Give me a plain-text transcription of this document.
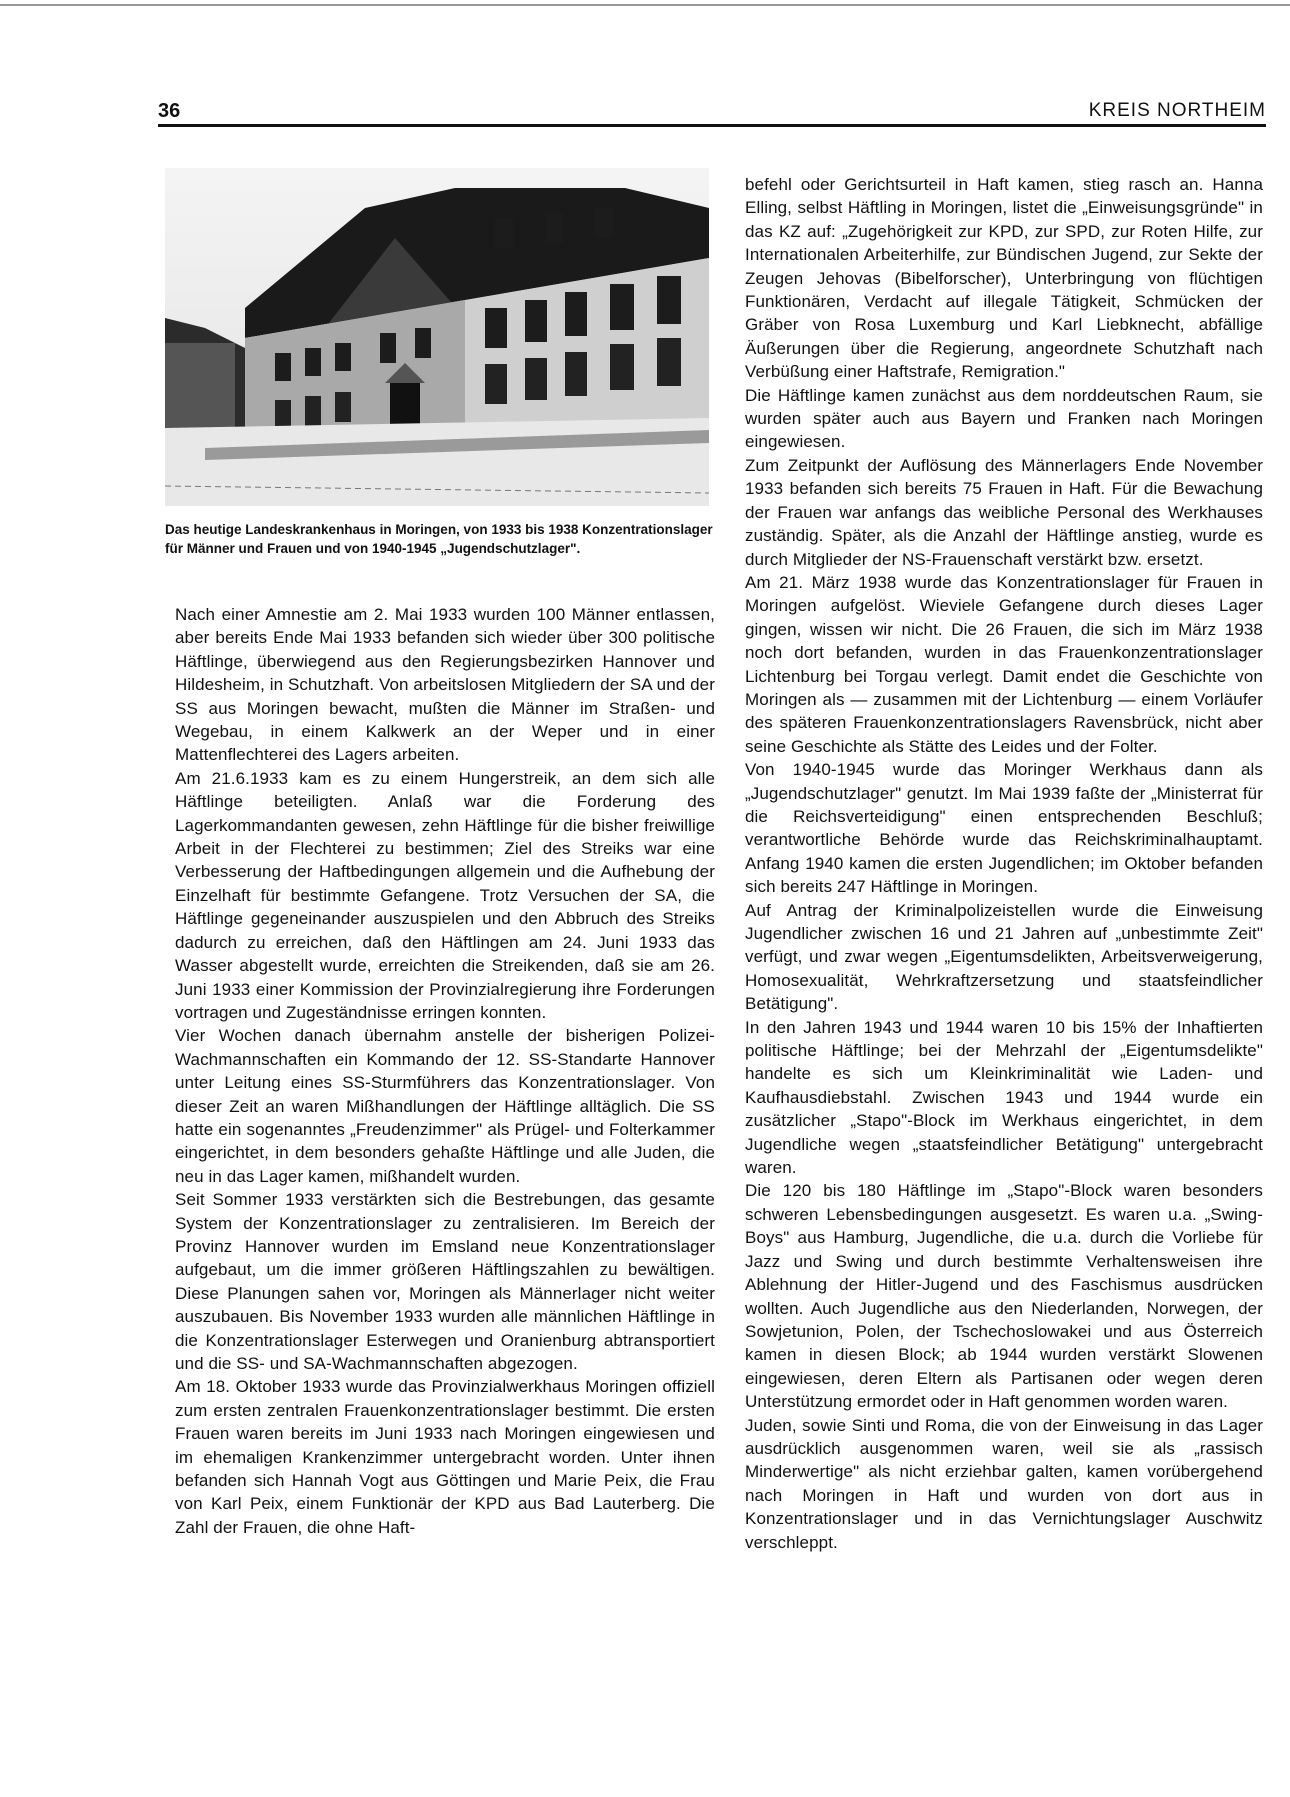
36	KREIS NORTHEIM

Das heutige Landeskrankenhaus in Moringen, von 1933 bis 1938 Konzentrationslager für Männer und Frauen und von 1940-1945 „Jugendschutzlager".

Nach einer Amnestie am 2. Mai 1933 wurden 100 Männer entlassen, aber bereits Ende Mai 1933 befanden sich wieder über 300 politische Häftlinge, überwiegend aus den Regierungsbezirken Hannover und Hildesheim, in Schutzhaft. Von arbeitslosen Mitgliedern der SA und der SS aus Moringen bewacht, mußten die Männer im Straßen- und Wegebau, in einem Kalkwerk an der Weper und in einer Mattenflechterei des Lagers arbeiten.

Am 21.6.1933 kam es zu einem Hungerstreik, an dem sich alle Häftlinge beteiligten. Anlaß war die Forderung des Lagerkommandanten gewesen, zehn Häftlinge für die bisher freiwillige Arbeit in der Flechterei zu bestimmen; Ziel des Streiks war eine Verbesserung der Haftbedingungen allgemein und die Aufhebung der Einzelhaft für bestimmte Gefangene. Trotz Versuchen der SA, die Häftlinge gegeneinander auszuspielen und den Abbruch des Streiks dadurch zu erreichen, daß den Häftlingen am 24. Juni 1933 das Wasser abgestellt wurde, erreichten die Streikenden, daß sie am 26. Juni 1933 einer Kommission der Provinzialregierung ihre Forderungen vortragen und Zugeständnisse erringen konnten.

Vier Wochen danach übernahm anstelle der bisherigen Polizei-Wachmannschaften ein Kommando der 12. SS-Standarte Hannover unter Leitung eines SS-Sturmführers das Konzentrationslager. Von dieser Zeit an waren Mißhandlungen der Häftlinge alltäglich. Die SS hatte ein sogenanntes „Freudenzimmer" als Prügel- und Folterkammer eingerichtet, in dem besonders gehaßte Häftlinge und alle Juden, die neu in das Lager kamen, mißhandelt wurden.

Seit Sommer 1933 verstärkten sich die Bestrebungen, das gesamte System der Konzentrationslager zu zentralisieren. Im Bereich der Provinz Hannover wurden im Emsland neue Konzentrationslager aufgebaut, um die immer größeren Häftlingszahlen zu bewältigen. Diese Planungen sahen vor, Moringen als Männerlager nicht weiter auszubauen. Bis November 1933 wurden alle männlichen Häftlinge in die Konzentrationslager Esterwegen und Oranienburg abtransportiert und die SS- und SA-Wachmannschaften abgezogen.

Am 18. Oktober 1933 wurde das Provinzialwerkhaus Moringen offiziell zum ersten zentralen Frauenkonzentrationslager bestimmt. Die ersten Frauen waren bereits im Juni 1933 nach Moringen eingewiesen und im ehemaligen Krankenzimmer untergebracht worden. Unter ihnen befanden sich Hannah Vogt aus Göttingen und Marie Peix, die Frau von Karl Peix, einem Funktionär der KPD aus Bad Lauterberg. Die Zahl der Frauen, die ohne Haft-

befehl oder Gerichtsurteil in Haft kamen, stieg rasch an. Hanna Elling, selbst Häftling in Moringen, listet die „Einweisungsgründe" in das KZ auf: „Zugehörigkeit zur KPD, zur SPD, zur Roten Hilfe, zur Internationalen Arbeiterhilfe, zur Bündischen Jugend, zur Sekte der Zeugen Jehovas (Bibelforscher), Unterbringung von flüchtigen Funktionären, Verdacht auf illegale Tätigkeit, Schmücken der Gräber von Rosa Luxemburg und Karl Liebknecht, abfällige Äußerungen über die Regierung, angeordnete Schutzhaft nach Verbüßung einer Haftstrafe, Remigration."

Die Häftlinge kamen zunächst aus dem norddeutschen Raum, sie wurden später auch aus Bayern und Franken nach Moringen eingewiesen.

Zum Zeitpunkt der Auflösung des Männerlagers Ende November 1933 befanden sich bereits 75 Frauen in Haft. Für die Bewachung der Frauen war anfangs das weibliche Personal des Werkhauses zuständig. Später, als die Anzahl der Häftlinge anstieg, wurde es durch Mitglieder der NS-Frauenschaft verstärkt bzw. ersetzt.

Am 21. März 1938 wurde das Konzentrationslager für Frauen in Moringen aufgelöst. Wieviele Gefangene durch dieses Lager gingen, wissen wir nicht. Die 26 Frauen, die sich im März 1938 noch dort befanden, wurden in das Frauenkonzentrationslager Lichtenburg bei Torgau verlegt. Damit endet die Geschichte von Moringen als — zusammen mit der Lichtenburg — einem Vorläufer des späteren Frauenkonzentrationslagers Ravensbrück, nicht aber seine Geschichte als Stätte des Leides und der Folter.

Von 1940-1945 wurde das Moringer Werkhaus dann als „Jugendschutzlager" genutzt. Im Mai 1939 faßte der „Ministerrat für die Reichsverteidigung" einen entsprechenden Beschluß; verantwortliche Behörde wurde das Reichskriminalhauptamt. Anfang 1940 kamen die ersten Jugendlichen; im Oktober befanden sich bereits 247 Häftlinge in Moringen.

Auf Antrag der Kriminalpolizeistellen wurde die Einweisung Jugendlicher zwischen 16 und 21 Jahren auf „unbestimmte Zeit" verfügt, und zwar wegen „Eigentumsdelikten, Arbeitsverweigerung, Homosexualität, Wehrkraftzersetzung und staatsfeindlicher Betätigung".

In den Jahren 1943 und 1944 waren 10 bis 15% der Inhaftierten politische Häftlinge; bei der Mehrzahl der „Eigentumsdelikte" handelte es sich um Kleinkriminalität wie Laden- und Kaufhausdiebstahl. Zwischen 1943 und 1944 wurde ein zusätzlicher „Stapo"-Block im Werkhaus eingerichtet, in dem Jugendliche wegen „staatsfeindlicher Betätigung" untergebracht waren.

Die 120 bis 180 Häftlinge im „Stapo"-Block waren besonders schweren Lebensbedingungen ausgesetzt. Es waren u.a. „Swing-Boys" aus Hamburg, Jugendliche, die u.a. durch die Vorliebe für Jazz und Swing und durch bestimmte Verhaltensweisen ihre Ablehnung der Hitler-Jugend und des Faschismus ausdrücken wollten. Auch Jugendliche aus den Niederlanden, Norwegen, der Sowjetunion, Polen, der Tschechoslowakei und aus Österreich kamen in diesen Block; ab 1944 wurden verstärkt Slowenen eingewiesen, deren Eltern als Partisanen oder wegen deren Unterstützung ermordet oder in Haft genommen worden waren.

Juden, sowie Sinti und Roma, die von der Einweisung in das Lager ausdrücklich ausgenommen waren, weil sie als „rassisch Minderwertige" als nicht erziehbar galten, kamen vorübergehend nach Moringen in Haft und wurden von dort aus in Konzentrationslager und in das Vernichtungslager Auschwitz verschleppt.
